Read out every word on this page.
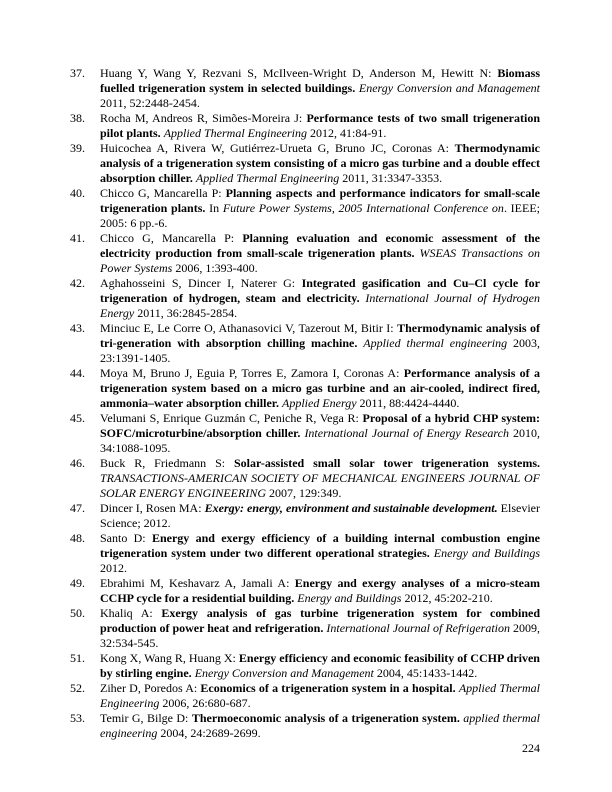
37.	Huang Y, Wang Y, Rezvani S, McIlveen-Wright D, Anderson M, Hewitt N: Biomass fuelled trigeneration system in selected buildings. Energy Conversion and Management 2011, 52:2448-2454.
38.	Rocha M, Andreos R, Simões-Moreira J: Performance tests of two small trigeneration pilot plants. Applied Thermal Engineering 2012, 41:84-91.
39.	Huicochea A, Rivera W, Gutiérrez-Urueta G, Bruno JC, Coronas A: Thermodynamic analysis of a trigeneration system consisting of a micro gas turbine and a double effect absorption chiller. Applied Thermal Engineering 2011, 31:3347-3353.
40.	Chicco G, Mancarella P: Planning aspects and performance indicators for small-scale trigeneration plants. In Future Power Systems, 2005 International Conference on. IEEE; 2005: 6 pp.-6.
41.	Chicco G, Mancarella P: Planning evaluation and economic assessment of the electricity production from small-scale trigeneration plants. WSEAS Transactions on Power Systems 2006, 1:393-400.
42.	Aghahosseini S, Dincer I, Naterer G: Integrated gasification and Cu–Cl cycle for trigeneration of hydrogen, steam and electricity. International Journal of Hydrogen Energy 2011, 36:2845-2854.
43.	Minciuc E, Le Corre O, Athanasovici V, Tazerout M, Bitir I: Thermodynamic analysis of tri-generation with absorption chilling machine. Applied thermal engineering 2003, 23:1391-1405.
44.	Moya M, Bruno J, Eguia P, Torres E, Zamora I, Coronas A: Performance analysis of a trigeneration system based on a micro gas turbine and an air-cooled, indirect fired, ammonia–water absorption chiller. Applied Energy 2011, 88:4424-4440.
45.	Velumani S, Enrique Guzmán C, Peniche R, Vega R: Proposal of a hybrid CHP system: SOFC/microturbine/absorption chiller. International Journal of Energy Research 2010, 34:1088-1095.
46.	Buck R, Friedmann S: Solar-assisted small solar tower trigeneration systems. TRANSACTIONS-AMERICAN SOCIETY OF MECHANICAL ENGINEERS JOURNAL OF SOLAR ENERGY ENGINEERING 2007, 129:349.
47.	Dincer I, Rosen MA: Exergy: energy, environment and sustainable development. Elsevier Science; 2012.
48.	Santo D: Energy and exergy efficiency of a building internal combustion engine trigeneration system under two different operational strategies. Energy and Buildings 2012.
49.	Ebrahimi M, Keshavarz A, Jamali A: Energy and exergy analyses of a micro-steam CCHP cycle for a residential building. Energy and Buildings 2012, 45:202-210.
50.	Khaliq A: Exergy analysis of gas turbine trigeneration system for combined production of power heat and refrigeration. International Journal of Refrigeration 2009, 32:534-545.
51.	Kong X, Wang R, Huang X: Energy efficiency and economic feasibility of CCHP driven by stirling engine. Energy Conversion and Management 2004, 45:1433-1442.
52.	Ziher D, Poredos A: Economics of a trigeneration system in a hospital. Applied Thermal Engineering 2006, 26:680-687.
53.	Temir G, Bilge D: Thermoeconomic analysis of a trigeneration system. applied thermal engineering 2004, 24:2689-2699.
224
